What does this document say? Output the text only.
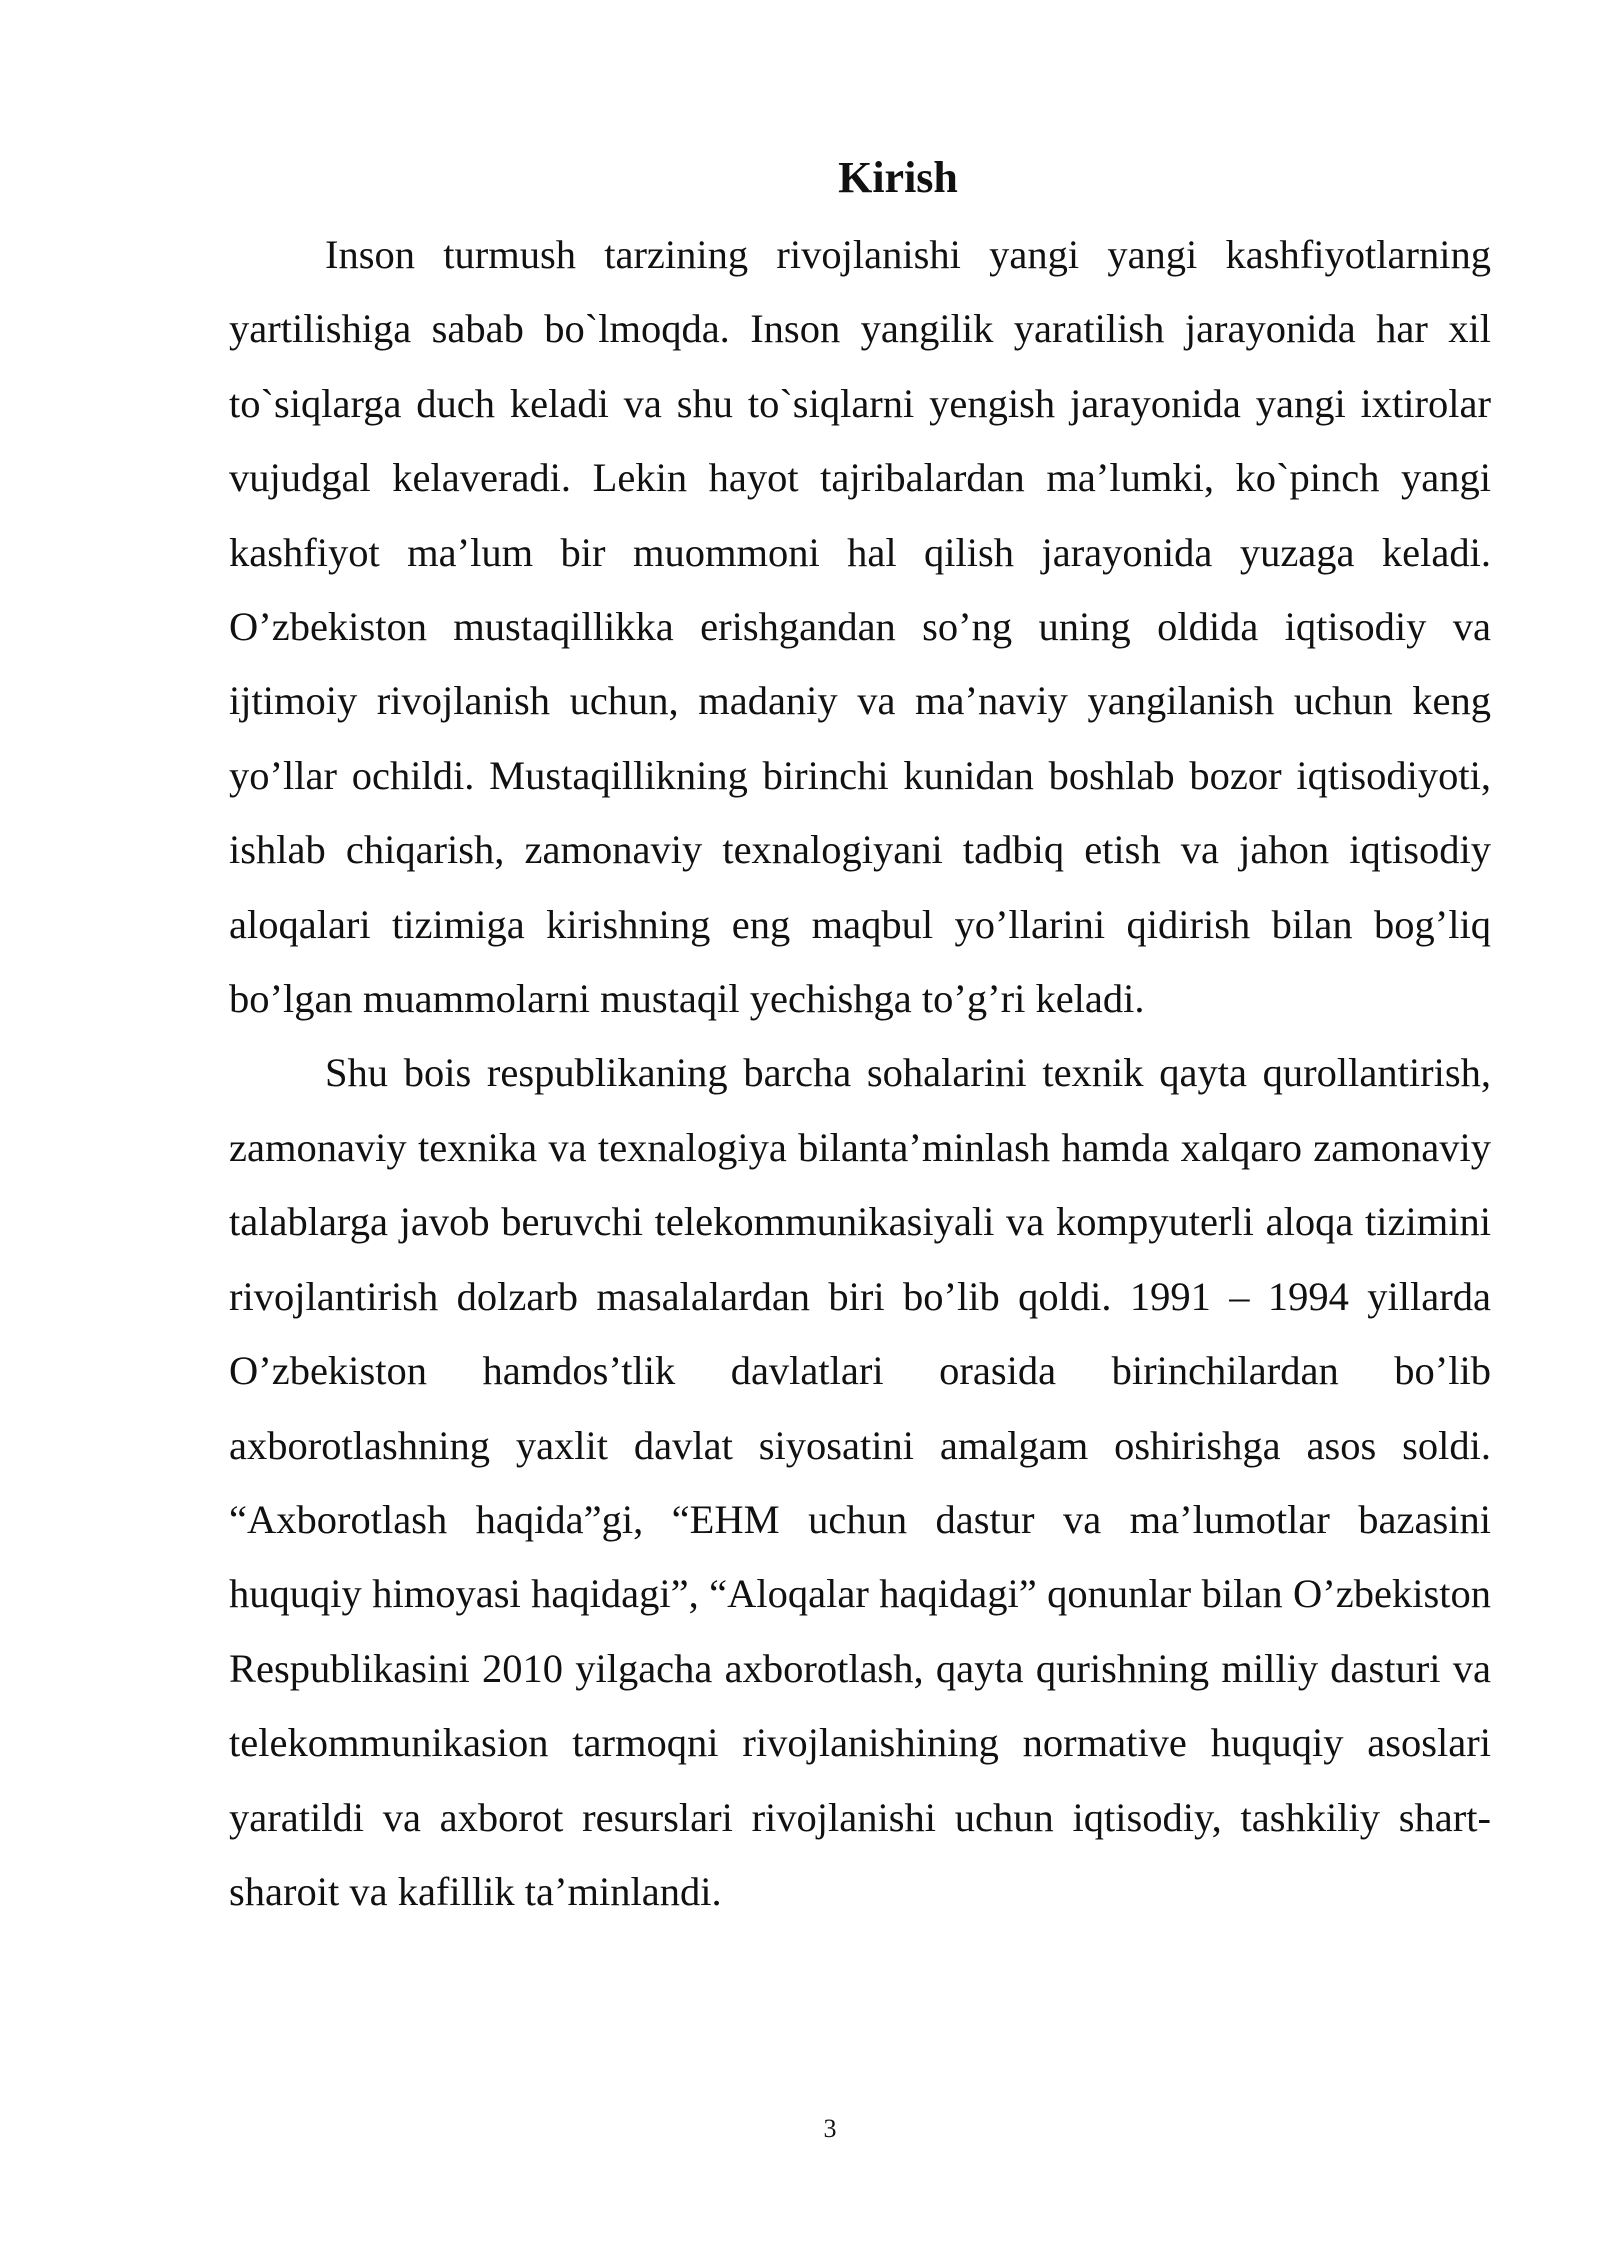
Kirish

Inson turmush tarzining rivojlanishi yangi yangi kashfiyotlarning yartilishiga sabab bo`lmoqda. Inson yangilik yaratilish jarayonida har xil to`siqlarga duch keladi va shu to`siqlarni yengish jarayonida yangi ixtirolar vujudgal kelaveradi. Lekin hayot tajribalardan ma’lumki, ko`pinch yangi kashfiyot ma’lum bir muommoni hal qilish jarayonida yuzaga keladi. O’zbekiston mustaqillikka erishgandan so’ng uning oldida iqtisodiy va ijtimoiy rivojlanish uchun, madaniy va ma’naviy yangilanish uchun keng yo’llar ochildi. Mustaqillikning birinchi kunidan boshlab bozor iqtisodiyoti, ishlab chiqarish, zamonaviy texnalogiyani tadbiq etish va jahon iqtisodiy aloqalari tizimiga kirishning eng maqbul yo’llarini qidirish bilan bog’liq bo’lgan muammolarni mustaqil yechishga to’g’ri keladi.

Shu bois respublikaning barcha sohalarini texnik qayta qurollantirish, zamonaviy texnika va texnalogiya bilanta’minlash hamda xalqaro zamonaviy talablarga javob beruvchi telekommunikasiyali va kompyuterli aloqa tizimini rivojlantirish dolzarb masalalardan biri bo’lib qoldi. 1991 – 1994 yillarda O’zbekiston hamdos’tlik davlatlari orasida birinchilardan bo’lib axborotlashning yaxlit davlat siyosatini amalgam oshirishga asos soldi. “Axborotlash haqida”gi, “EHM uchun dastur va ma’lumotlar bazasini huquqiy himoyasi haqidagi”, “Aloqalar haqidagi” qonunlar bilan O’zbekiston Respublikasini 2010 yilgacha axborotlash, qayta qurishning milliy dasturi va telekommunikasion tarmoqni rivojlanishining normative huquqiy asoslari yaratildi va axborot resurslari rivojlanishi uchun iqtisodiy, tashkiliy shart-sharoit va kafillik ta’minlandi.

3
